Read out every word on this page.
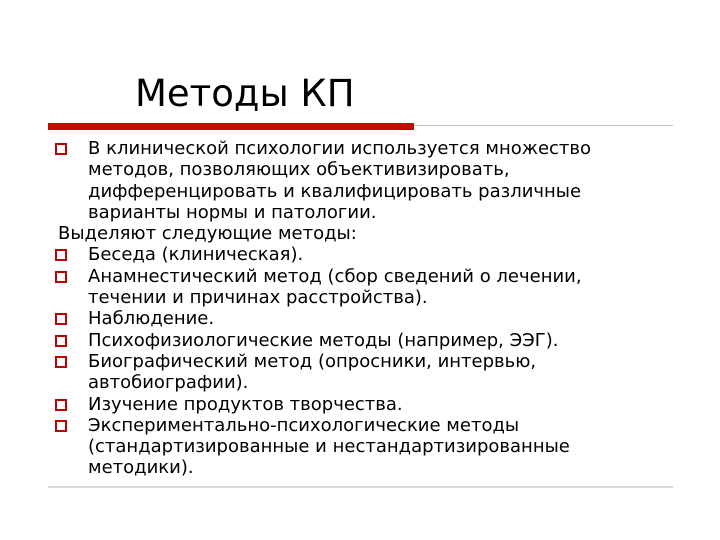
Методы КП
В клинической психологии используется множество
методов, позволяющих объективизировать,
дифференцировать и квалифицировать различные
варианты нормы и патологии.
Выделяют следующие методы:
Беседа (клиническая).
Анамнестический метод (сбор сведений о лечении,
течении и причинах расстройства).
Наблюдение.
Психофизиологические методы (например, ЭЭГ).
Биографический метод (опросники, интервью,
автобиографии).
Изучение продуктов творчества.
Экспериментально-психологические методы
(стандартизированные и нестандартизированные
методики).
